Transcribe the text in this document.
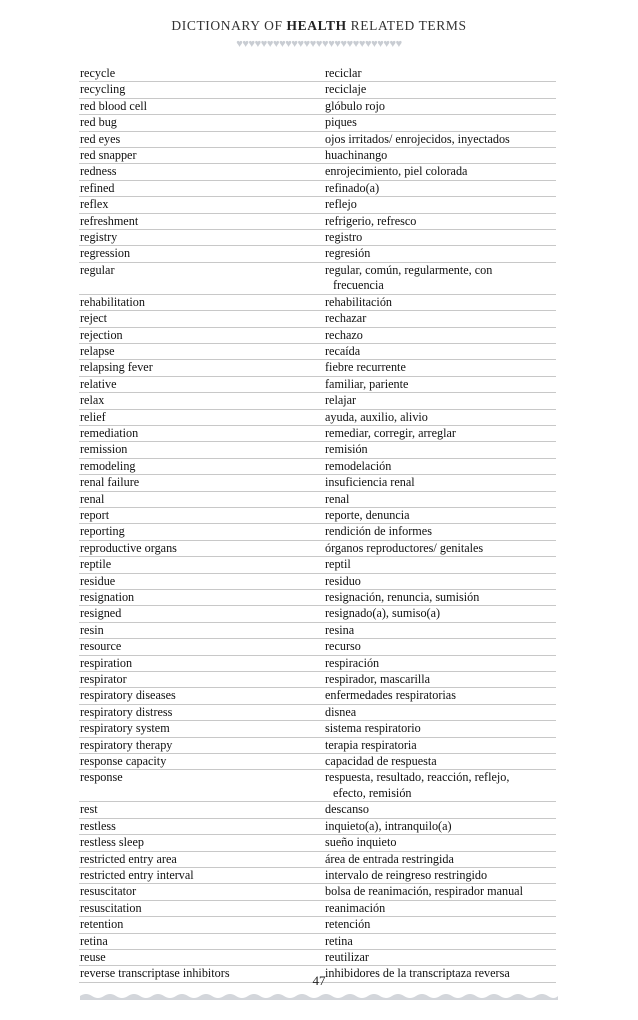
DICTIONARY OF HEALTH RELATED TERMS
♥♥♥♥♥♥♥♥♥♥♥♥♥♥♥♥♥♥♥♥♥♥♥♥♥♥♥
recycle	reciclar
recycling	reciclaje
red blood cell	glóbulo rojo
red bug	piques
red eyes	ojos irritados/ enrojecidos, inyectados
red snapper	huachinango
redness	enrojecimiento, piel colorada
refined	refinado(a)
reflex	reflejo
refreshment	refrigerio, refresco
registry	registro
regression	regresión
regular	regular, común, regularmente, con
frecuencia
rehabilitation	rehabilitación
reject	rechazar
rejection	rechazo
relapse	recaída
relapsing fever	fiebre recurrente
relative	familiar, pariente
relax	relajar
relief	ayuda, auxilio, alivio
remediation	remediar, corregir, arreglar
remission	remisión
remodeling	remodelación
renal failure	insuficiencia renal
renal	renal
report	reporte, denuncia
reporting	rendición de informes
reproductive organs	órganos reproductores/ genitales
reptile	reptil
residue	residuo
resignation	resignación, renuncia, sumisión
resigned	resignado(a), sumiso(a)
resin	resina
resource	recurso
respiration	respiración
respirator	respirador, mascarilla
respiratory diseases	enfermedades respiratorias
respiratory distress	disnea
respiratory system	sistema respiratorio
respiratory therapy	terapia respiratoria
response capacity	capacidad de respuesta
response	respuesta, resultado, reacción, reflejo,
efecto, remisión
rest	descanso
restless	inquieto(a), intranquilo(a)
restless sleep	sueño inquieto
restricted entry area	área de entrada restringida
restricted entry interval	intervalo de reingreso restringido
resuscitator	bolsa de reanimación, respirador manual
resuscitation	reanimación
retention	retención
retina	retina
reuse	reutilizar
reverse transcriptase inhibitors	inhibidores de la transcriptaza reversa
47
